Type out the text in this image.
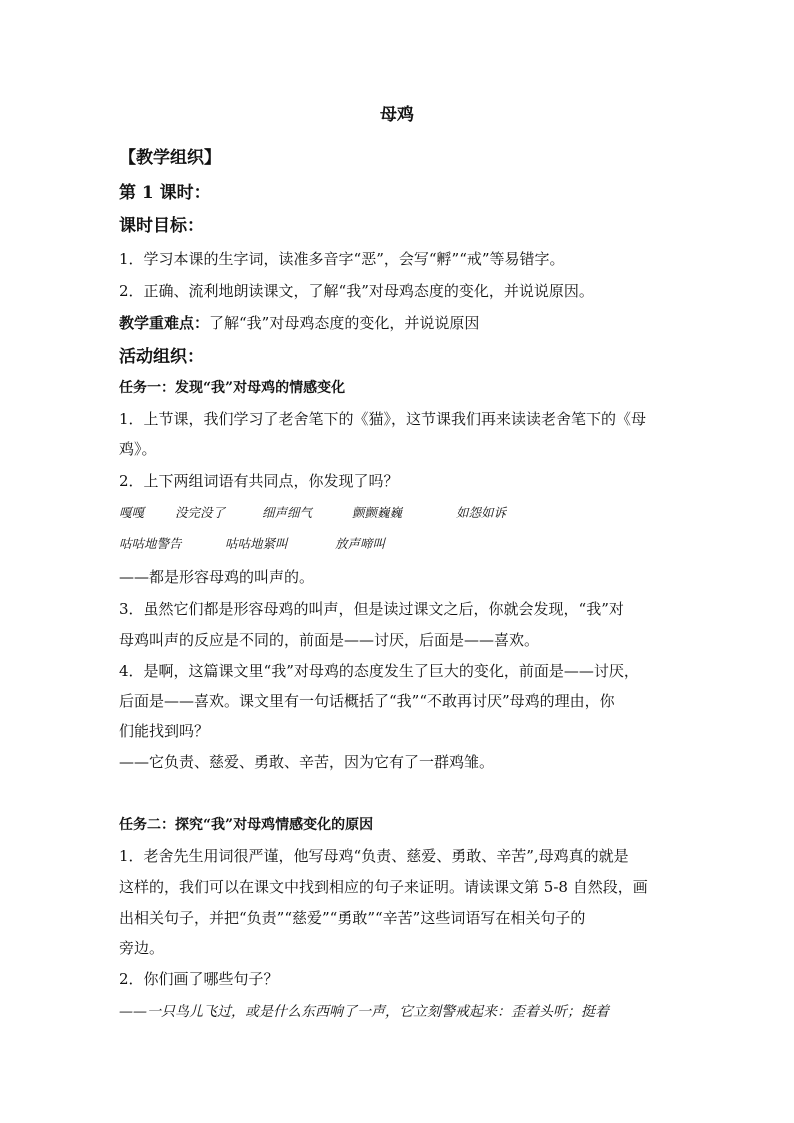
母鸡
【教学组织】
第 1 课时：
课时目标：
1．学习本课的生字词，读准多音字“恶”，会写“孵”“戒”等易错字。
2．正确、流利地朗读课文，了解“我”对母鸡态度的变化，并说说原因。
教学重难点：了解“我”对母鸡态度的变化，并说说原因
活动组织：
任务一：发现“我”对母鸡的情感变化
1．上节课，我们学习了老舍笔下的《猫》，这节课我们再来读读老舍笔下的《母
鸡》。
2．上下两组词语有共同点，你发现了吗？
嘎嘎 没完没了	细声细气	颤颤巍巍	如怨如诉
咕咕地警告	咕咕地紧叫	放声啼叫
——都是形容母鸡的叫声的。
3．虽然它们都是形容母鸡的叫声，但是读过课文之后，你就会发现，“我”对
母鸡叫声的反应是不同的，前面是——讨厌，后面是——喜欢。
4．是啊，这篇课文里“我”对母鸡的态度发生了巨大的变化，前面是——讨厌，
后面是——喜欢。课文里有一句话概括了“我”“不敢再讨厌”母鸡的理由，你
们能找到吗？
——它负责、慈爱、勇敢、辛苦，因为它有了一群鸡雏。
任务二：探究“我”对母鸡情感变化的原因
1．老舍先生用词很严谨，他写母鸡“负责、慈爱、勇敢、辛苦”,母鸡真的就是
这样的，我们可以在课文中找到相应的句子来证明。请读课文第 5-8 自然段，画
出相关句子，并把“负责”“慈爱”“勇敢”“辛苦”这些词语写在相关句子的
旁边。
2．你们画了哪些句子？
——一只鸟儿飞过，或是什么东西响了一声，它立刻警戒起来：歪着头听；挺着
